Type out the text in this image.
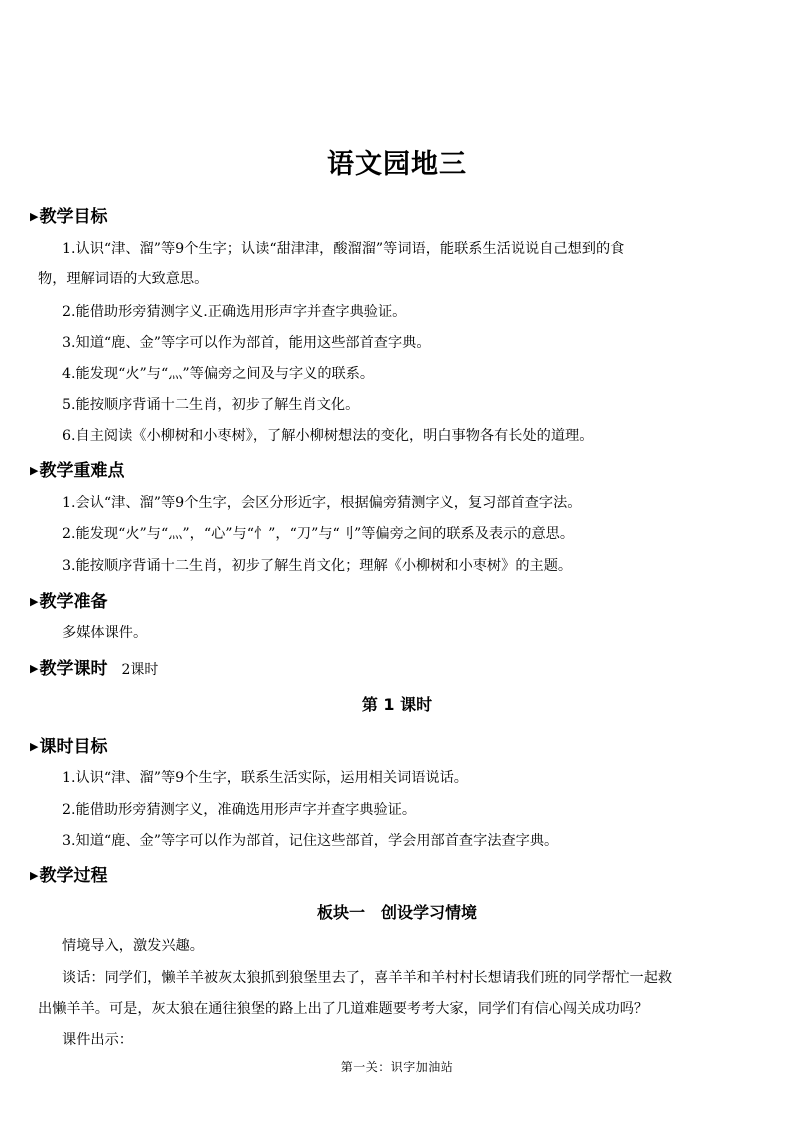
语文园地三
▶教学目标
1.认识“津、溜”等9个生字；认读“甜津津，酸溜溜”等词语，能联系生活说说自己想到的食
物，理解词语的大致意思。
2.能借助形旁猜测字义.正确选用形声字并查字典验证。
3.知道“鹿、金”等字可以作为部首，能用这些部首查字典。
4.能发现“火”与“灬”等偏旁之间及与字义的联系。
5.能按顺序背诵十二生肖，初步了解生肖文化。
6.自主阅读《小柳树和小枣树》，了解小柳树想法的变化，明白事物各有长处的道理。
▶教学重难点
1.会认“津、溜”等9个生字，会区分形近字，根据偏旁猜测字义，复习部首查字法。
2.能发现“火”与“灬”，“心”与“忄”，“刀”与“刂”等偏旁之间的联系及表示的意思。
3.能按顺序背诵十二生肖，初步了解生肖文化；理解《小柳树和小枣树》的主题。
▶教学准备
多媒体课件。
▶教学课时 2课时
第 1 课时
▶课时目标
1.认识“津、溜”等9个生字，联系生活实际，运用相关词语说话。
2.能借助形旁猜测字义，准确选用形声字并查字典验证。
3.知道“鹿、金”等字可以作为部首，记住这些部首，学会用部首查字法查字典。
▶教学过程
板块一　创设学习情境
情境导入，激发兴趣。
谈话：同学们，懒羊羊被灰太狼抓到狼堡里去了，喜羊羊和羊村村长想请我们班的同学帮忙一起救
出懒羊羊。可是，灰太狼在通往狼堡的路上出了几道难题要考考大家，同学们有信心闯关成功吗？
课件出示：
第一关：识字加油站
